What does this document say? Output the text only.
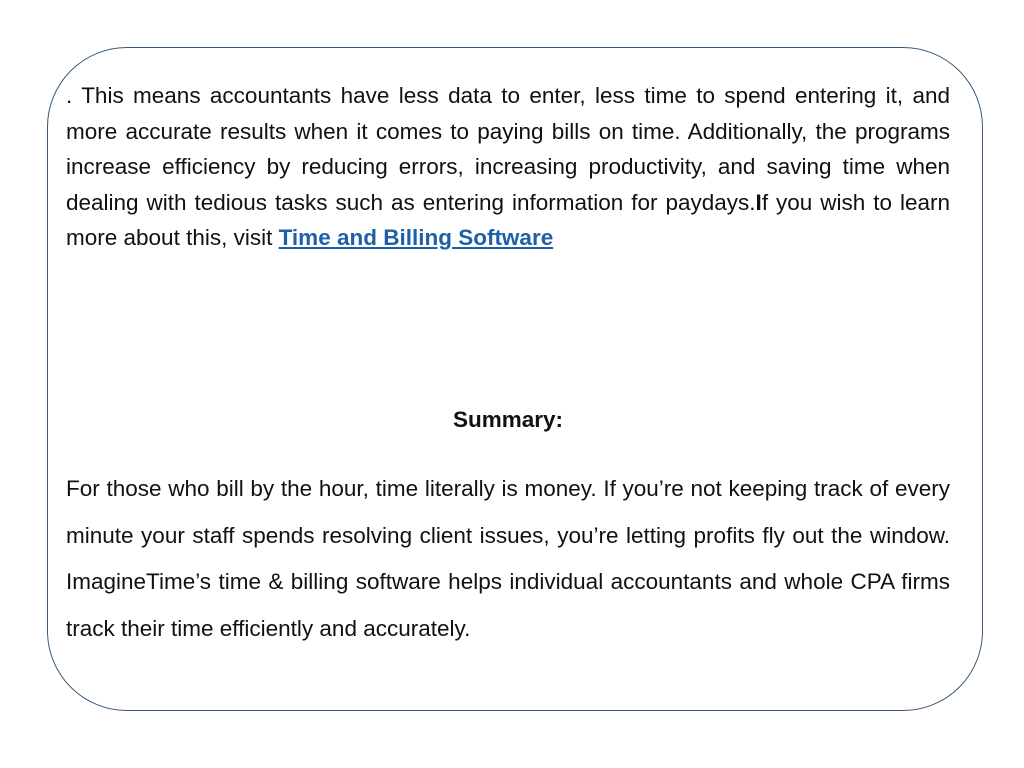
. This means accountants have less data to enter, less time to spend entering it, and more accurate results when it comes to paying bills on time. Additionally, the programs increase efficiency by reducing errors, increasing productivity, and saving time when dealing with tedious tasks such as entering information for paydays.If you wish to learn more about this, visit Time and Billing Software

Summary:

For those who bill by the hour, time literally is money. If you’re not keeping track of every minute your staff spends resolving client issues, you’re letting profits fly out the window. ImagineTime’s time & billing software helps individual accountants and whole CPA firms track their time efficiently and accurately.
